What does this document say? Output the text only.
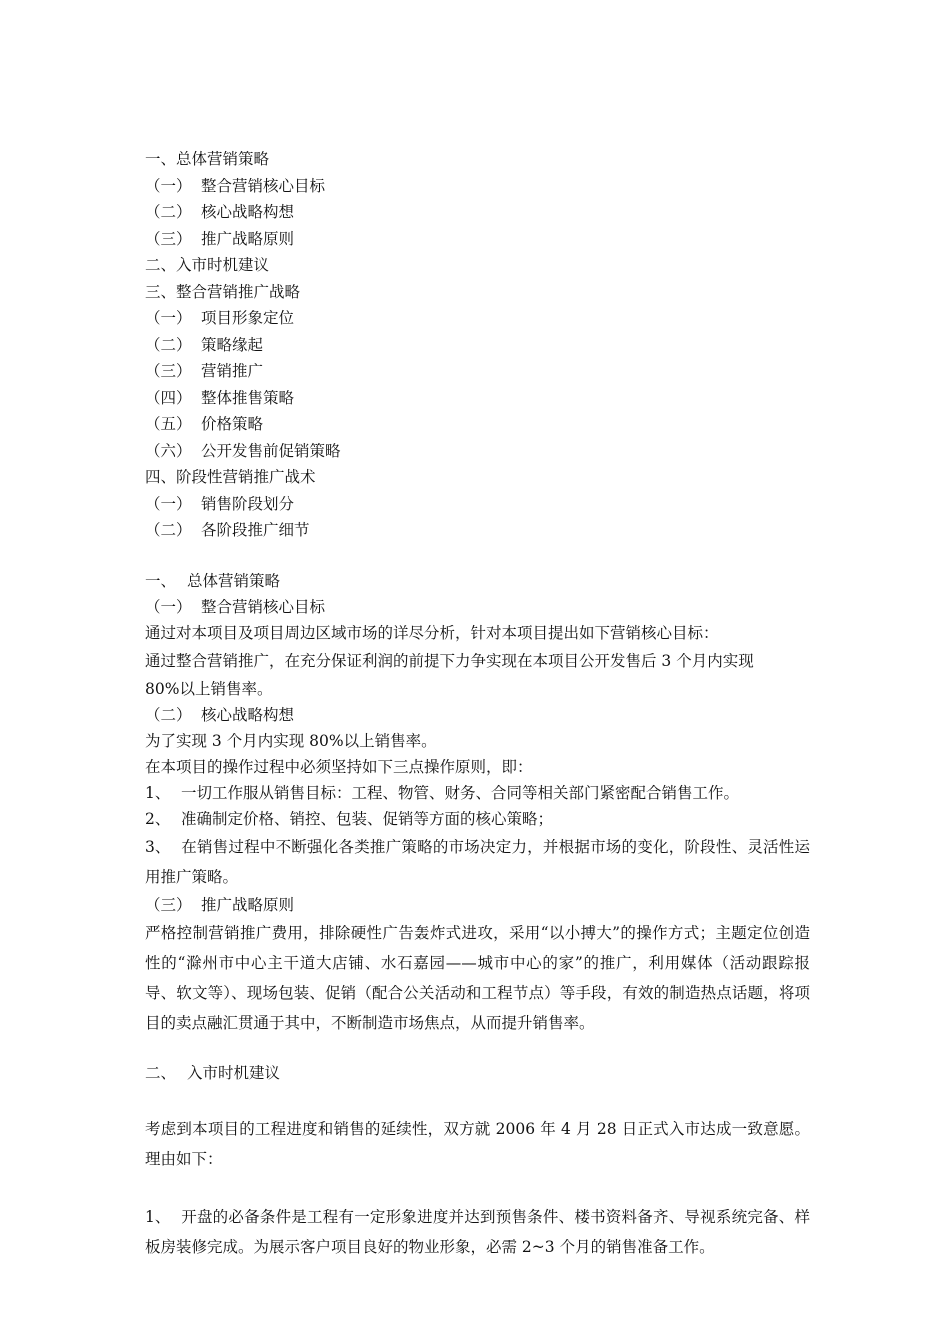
一、总体营销策略
（一） 整合营销核心目标
（二） 核心战略构想
（三） 推广战略原则
二、入市时机建议
三、整合营销推广战略
（一） 项目形象定位
（二） 策略缘起
（三） 营销推广
（四） 整体推售策略
（五） 价格策略
（六） 公开发售前促销策略
四、阶段性营销推广战术
（一） 销售阶段划分
（二） 各阶段推广细节
一、 总体营销策略
（一） 整合营销核心目标
通过对本项目及项目周边区域市场的详尽分析，针对本项目提出如下营销核心目标：
通过整合营销推广，在充分保证利润的前提下力争实现在本项目公开发售后 3 个月内实现
80%以上销售率。
（二） 核心战略构想
为了实现 3 个月内实现 80%以上销售率。
在本项目的操作过程中必须坚持如下三点操作原则，即：
1、 一切工作服从销售目标：工程、物管、财务、合同等相关部门紧密配合销售工作。
2、 准确制定价格、销控、包装、促销等方面的核心策略；
3、 在销售过程中不断强化各类推广策略的市场决定力，并根据市场的变化，阶段性、灵活性运用推广策略。
（三） 推广战略原则
严格控制营销推广费用，排除硬性广告轰炸式进攻，采用“以小搏大”的操作方式；主题定位创造性的“滁州市中心主干道大店铺、水石嘉园——城市中心的家”的推广，利用媒体（活动跟踪报导、软文等）、现场包装、促销（配合公关活动和工程节点）等手段，有效的制造热点话题，将项目的卖点融汇贯通于其中，不断制造市场焦点，从而提升销售率。
二、 入市时机建议
考虑到本项目的工程进度和销售的延续性，双方就 2006 年 4 月 28 日正式入市达成一致意愿。理由如下：
1、 开盘的必备条件是工程有一定形象进度并达到预售条件、楼书资料备齐、导视系统完备、样板房装修完成。为展示客户项目良好的物业形象，必需 2~3 个月的销售准备工作。
